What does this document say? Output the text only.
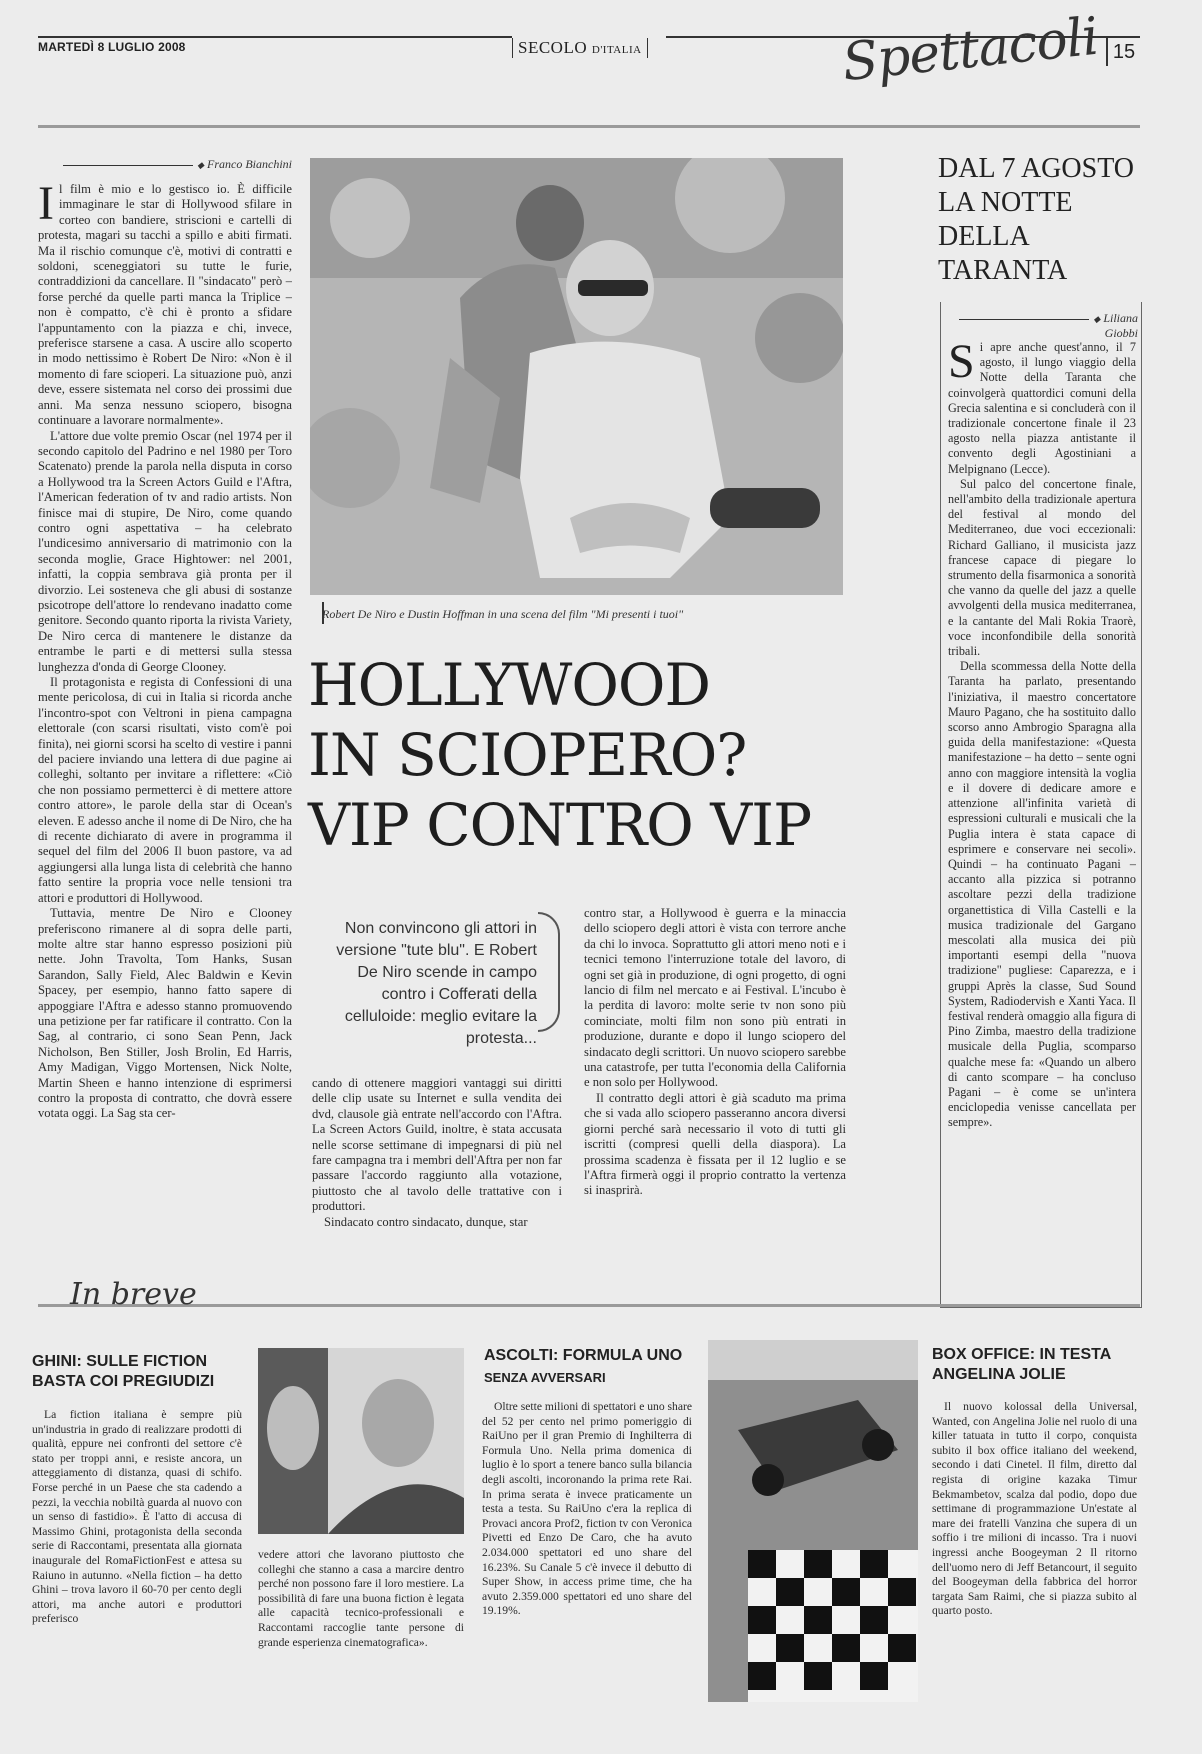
MARTEDÌ 8 LUGLIO 2008	SECOLO D'ITALIA	Spettacoli 15
◆ Franco Bianchini
I l film è mio e lo gestisco io. È difficile immaginare le star di Hollywood sfilare in corteo con bandiere, striscioni e cartelli di protesta, magari su tacchi a spillo e abiti firmati. Ma il rischio comunque c'è, motivi di contratti e soldoni, sceneggiatori su tutte le furie, contraddizioni da cancellare. Il "sindacato" però – forse perché da quelle parti manca la Triplice – non è compatto, c'è chi è pronto a sfidare l'appuntamento con la piazza e chi, invece, preferisce starsene a casa. A uscire allo scoperto in modo nettissimo è Robert De Niro: «Non è il momento di fare scioperi. La situazione può, anzi deve, essere sistemata nel corso dei prossimi due anni. Ma senza nessuno sciopero, bisogna continuare a lavorare normalmente».

L'attore due volte premio Oscar (nel 1974 per il secondo capitolo del Padrino e nel 1980 per Toro Scatenato) prende la parola nella disputa in corso a Hollywood tra la Screen Actors Guild e l'Aftra, l'American federation of tv and radio artists. Non finisce mai di stupire, De Niro, come quando contro ogni aspettativa – ha celebrato l'undicesimo anniversario di matrimonio con la seconda moglie, Grace Hightower: nel 2001, infatti, la coppia sembrava già pronta per il divorzio. Lei sosteneva che gli abusi di sostanze psicotrope dell'attore lo rendevano inadatto come genitore. Secondo quanto riporta la rivista Variety, De Niro cerca di mantenere le distanze da entrambe le parti e di mettersi sulla stessa lunghezza d'onda di George Clooney.

Il protagonista e regista di Confessioni di una mente pericolosa, di cui in Italia si ricorda anche l'incontro-spot con Veltroni in piena campagna elettorale (con scarsi risultati, visto com'è poi finita), nei giorni scorsi ha scelto di vestire i panni del paciere inviando una lettera di due pagine ai colleghi, soltanto per invitare a riflettere: «Ciò che non possiamo permetterci è di mettere attore contro attore», le parole della star di Ocean's eleven. E adesso anche il nome di De Niro, che ha di recente dichiarato di avere in programma il sequel del film del 2006 Il buon pastore, va ad aggiungersi alla lunga lista di celebrità che hanno fatto sentire la propria voce nelle tensioni tra attori e produttori di Hollywood.

Tuttavia, mentre De Niro e Clooney preferiscono rimanere al di sopra delle parti, molte altre star hanno espresso posizioni più nette. John Travolta, Tom Hanks, Susan Sarandon, Sally Field, Alec Baldwin e Kevin Spacey, per esempio, hanno fatto sapere di appoggiare l'Aftra e adesso stanno promuovendo una petizione per far ratificare il contratto. Con la Sag, al contrario, ci sono Sean Penn, Jack Nicholson, Ben Stiller, Josh Brolin, Ed Harris, Amy Madigan, Viggo Mortensen, Nick Nolte, Martin Sheen e hanno intenzione di esprimersi contro la proposta di contratto, che dovrà essere votata oggi. La Sag sta cer-

Robert De Niro e Dustin Hoffman in una scena del film "Mi presenti i tuoi"
HOLLYWOOD
IN SCIOPERO?
VIP CONTRO VIP
Non convincono gli attori in versione "tute blu". E Robert De Niro scende in campo contro i Cofferati della celluloide: meglio evitare la protesta...

cando di ottenere maggiori vantaggi sui diritti delle clip usate su Internet e sulla vendita dei dvd, clausole già entrate nell'accordo con l'Aftra. La Screen Actors Guild, inoltre, è stata accusata nelle scorse settimane di impegnarsi di più nel fare campagna tra i membri dell'Aftra per non far passare l'accordo raggiunto alla votazione, piuttosto che al tavolo delle trattative con i produttori.

Sindacato contro sindacato, dunque, star

contro star, a Hollywood è guerra e la minaccia dello sciopero degli attori è vista con terrore anche da chi lo invoca. Soprattutto gli attori meno noti e i tecnici temono l'interruzione totale del lavoro, di ogni set già in produzione, di ogni progetto, di ogni lancio di film nel mercato e ai Festival. L'incubo è la perdita di lavoro: molte serie tv non sono più cominciate, molti film non sono più entrati in produzione, durante e dopo il lungo sciopero del sindacato degli scrittori. Un nuovo sciopero sarebbe una catastrofe, per tutta l'economia della California e non solo per Hollywood.

Il contratto degli attori è già scaduto ma prima che si vada allo sciopero passeranno ancora diversi giorni perché sarà necessario il voto di tutti gli iscritti (compresi quelli della diaspora). La prossima scadenza è fissata per il 12 luglio e se l'Aftra firmerà oggi il proprio contratto la vertenza si inasprirà.

DAL 7 AGOSTO LA NOTTE DELLA TARANTA
◆ Liliana Giobbi
S i apre anche quest'anno, il 7 agosto, il lungo viaggio della Notte della Taranta che coinvolgerà quattordici comuni della Grecia salentina e si concluderà con il tradizionale concertone finale il 23 agosto nella piazza antistante il convento degli Agostiniani a Melpignano (Lecce).

Sul palco del concertone finale, nell'ambito della tradizionale apertura del festival al mondo del Mediterraneo, due voci eccezionali: Richard Galliano, il musicista jazz francese capace di piegare lo strumento della fisarmonica a sonorità che vanno da quelle del jazz a quelle avvolgenti della musica mediterranea, e la cantante del Mali Rokia Traorè, voce inconfondibile della sonorità tribali.

Della scommessa della Notte della Taranta ha parlato, presentando l'iniziativa, il maestro concertatore Mauro Pagano, che ha sostituito dallo scorso anno Ambrogio Sparagna alla guida della manifestazione: «Questa manifestazione – ha detto – sente ogni anno con maggiore intensità la voglia e il dovere di dedicare amore e attenzione all'infinita varietà di espressioni culturali e musicali che la Puglia intera è stata capace di esprimere e conservare nei secoli». Quindi – ha continuato Pagani – accanto alla pizzica si potranno ascoltare pezzi della tradizione organettistica di Villa Castelli e la musica tradizionale del Gargano mescolati alla musica dei più importanti esempi della "nuova tradizione" pugliese: Caparezza, e i gruppi Après la classe, Sud Sound System, Radiodervish e Xanti Yaca. Il festival renderà omaggio alla figura di Pino Zimba, maestro della tradizione musicale della Puglia, scomparso qualche mese fa: «Quando un albero di canto scompare – ha concluso Pagani – è come se un'intera enciclopedia venisse cancellata per sempre».

In breve
GHINI: SULLE FICTION BASTA COI PREGIUDIZI

La fiction italiana è sempre più un'industria in grado di realizzare prodotti di qualità, eppure nei confronti del settore c'è stato per troppi anni, e resiste ancora, un atteggiamento di distanza, quasi di schifo. Forse perché in un Paese che sta cadendo a pezzi, la vecchia nobiltà guarda al nuovo con un senso di fastidio». È l'atto di accusa di Massimo Ghini, protagonista della seconda serie di Raccontami, presentata alla giornata inaugurale del RomaFictionFest e attesa su Raiuno in autunno. «Nella fiction – ha detto Ghini – trova lavoro il 60-70 per cento degli attori, ma anche autori e produttori preferisco

vedere attori che lavorano piuttosto che colleghi che stanno a casa a marcire dentro perché non possono fare il loro mestiere. La possibilità di fare una buona fiction è legata alle capacità tecnico-professionali e Raccontami raccoglie tante persone di grande esperienza cinematografica».

ASCOLTI: FORMULA UNO
SENZA AVVERSARI

Oltre sette milioni di spettatori e uno share del 52 per cento nel primo pomeriggio di RaiUno per il gran Premio di Inghilterra di Formula Uno. Nella prima domenica di luglio è lo sport a tenere banco sulla bilancia degli ascolti, incoronando la prima rete Rai. In prima serata è invece praticamente un testa a testa. Su RaiUno c'era la replica di Provaci ancora Prof2, fiction tv con Veronica Pivetti ed Enzo De Caro, che ha avuto 2.034.000 spettatori ed uno share del 16.23%. Su Canale 5 c'è invece il debutto di Super Show, in access prime time, che ha avuto 2.359.000 spettatori ed uno share del 19.19%.

BOX OFFICE: IN TESTA ANGELINA JOLIE

Il nuovo kolossal della Universal, Wanted, con Angelina Jolie nel ruolo di una killer tatuata in tutto il corpo, conquista subito il box office italiano del weekend, secondo i dati Cinetel. Il film, diretto dal regista di origine kazaka Timur Bekmambetov, scalza dal podio, dopo due settimane di programmazione Un'estate al mare dei fratelli Vanzina che supera di un soffio i tre milioni di incasso. Tra i nuovi ingressi anche Boogeyman 2 Il ritorno dell'uomo nero di Jeff Betancourt, il seguito del Boogeyman della fabbrica del horror targata Sam Raimi, che si piazza subito al quarto posto.
